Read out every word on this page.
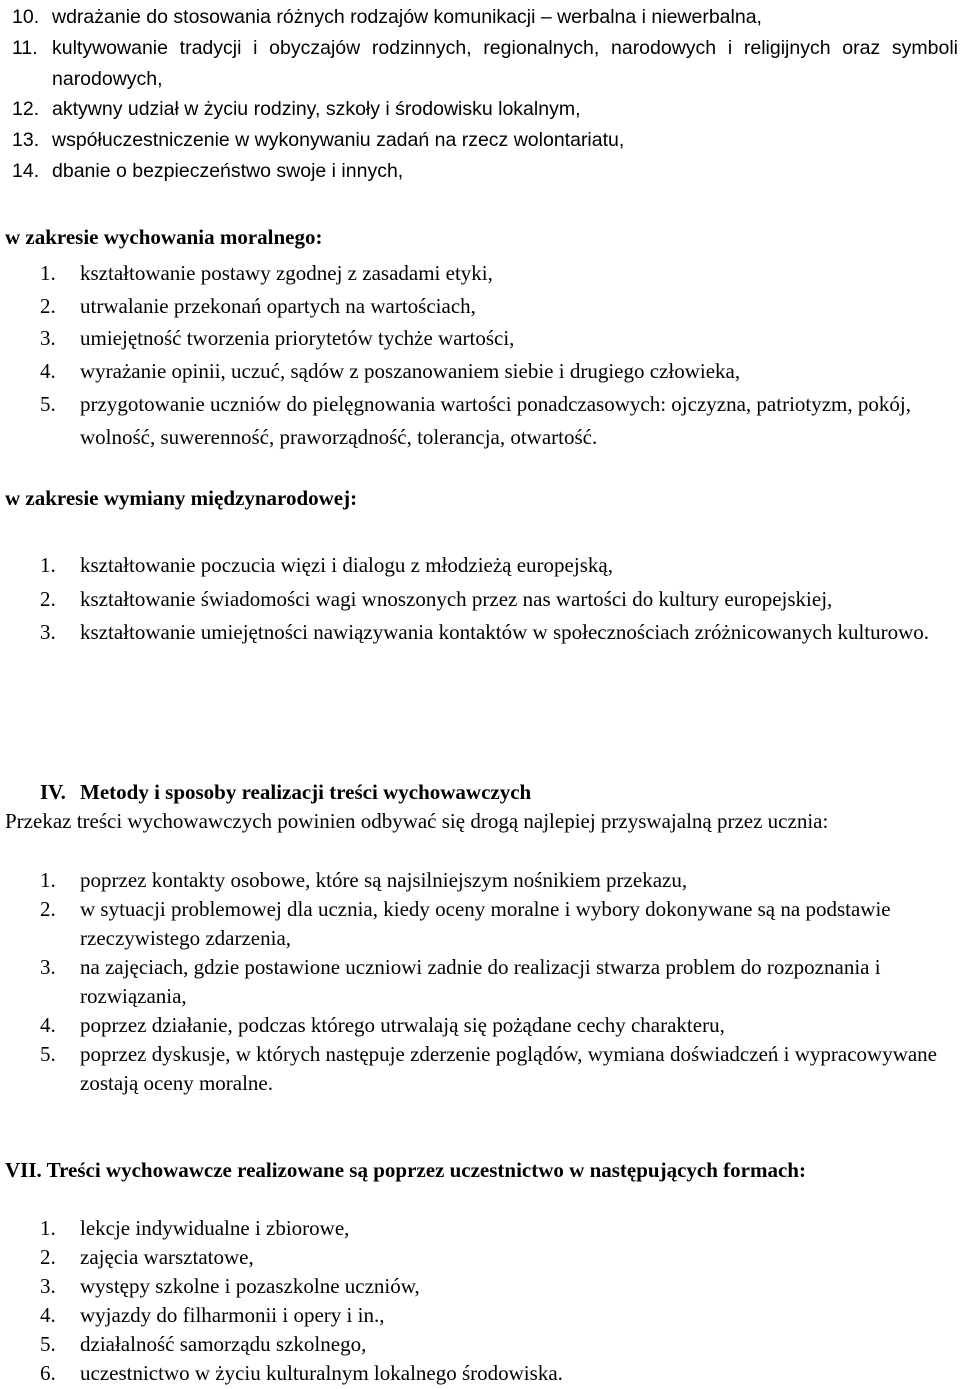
10. wdrażanie do stosowania różnych rodzajów komunikacji – werbalna i niewerbalna,
11. kultywowanie tradycji i obyczajów rodzinnych, regionalnych, narodowych i religijnych oraz symboli narodowych,
12. aktywny udział w życiu rodziny, szkoły i środowisku lokalnym,
13. współuczestniczenie w wykonywaniu zadań na rzecz wolontariatu,
14. dbanie o bezpieczeństwo swoje i innych,
w zakresie wychowania moralnego:
1.	kształtowanie postawy zgodnej z zasadami etyki,
2.	utrwalanie przekonań opartych na wartościach,
3.	umiejętność tworzenia priorytetów tychże wartości,
4.	wyrażanie opinii, uczuć, sądów z poszanowaniem siebie i drugiego człowieka,
5.	przygotowanie uczniów do pielęgnowania wartości ponadczasowych: ojczyzna, patriotyzm, pokój, wolność, suwerenność, praworządność, tolerancja, otwartość.
w zakresie wymiany międzynarodowej:
1.	kształtowanie poczucia więzi i dialogu z młodzieżą europejską,
2.	kształtowanie świadomości wagi wnoszonych przez nas wartości do kultury europejskiej,
3.	kształtowanie umiejętności nawiązywania kontaktów w społecznościach zróżnicowanych kulturowo.
IV. Metody i sposoby realizacji treści wychowawczych
Przekaz treści wychowawczych powinien odbywać się drogą najlepiej przyswajalną przez ucznia:
1.	poprzez kontakty osobowe, które są najsilniejszym nośnikiem przekazu,
2.	w sytuacji problemowej dla ucznia, kiedy oceny moralne i wybory dokonywane są na podstawie rzeczywistego zdarzenia,
3.	na zajęciach, gdzie postawione uczniowi zadnie do realizacji stwarza problem do rozpoznania i rozwiązania,
4.	poprzez działanie, podczas którego utrwalają się pożądane cechy charakteru,
5.	poprzez dyskusje, w których następuje zderzenie poglądów, wymiana doświadczeń i wypracowywane zostają oceny moralne.
VII. Treści wychowawcze realizowane są poprzez uczestnictwo w następujących formach:
1.	lekcje indywidualne i zbiorowe,
2.	zajęcia warsztatowe,
3.	występy szkolne i pozaszkolne uczniów,
4.	wyjazdy do filharmonii i opery i in.,
5.	działalność samorządu szkolnego,
6.	uczestnictwo w życiu kulturalnym lokalnego środowiska.
